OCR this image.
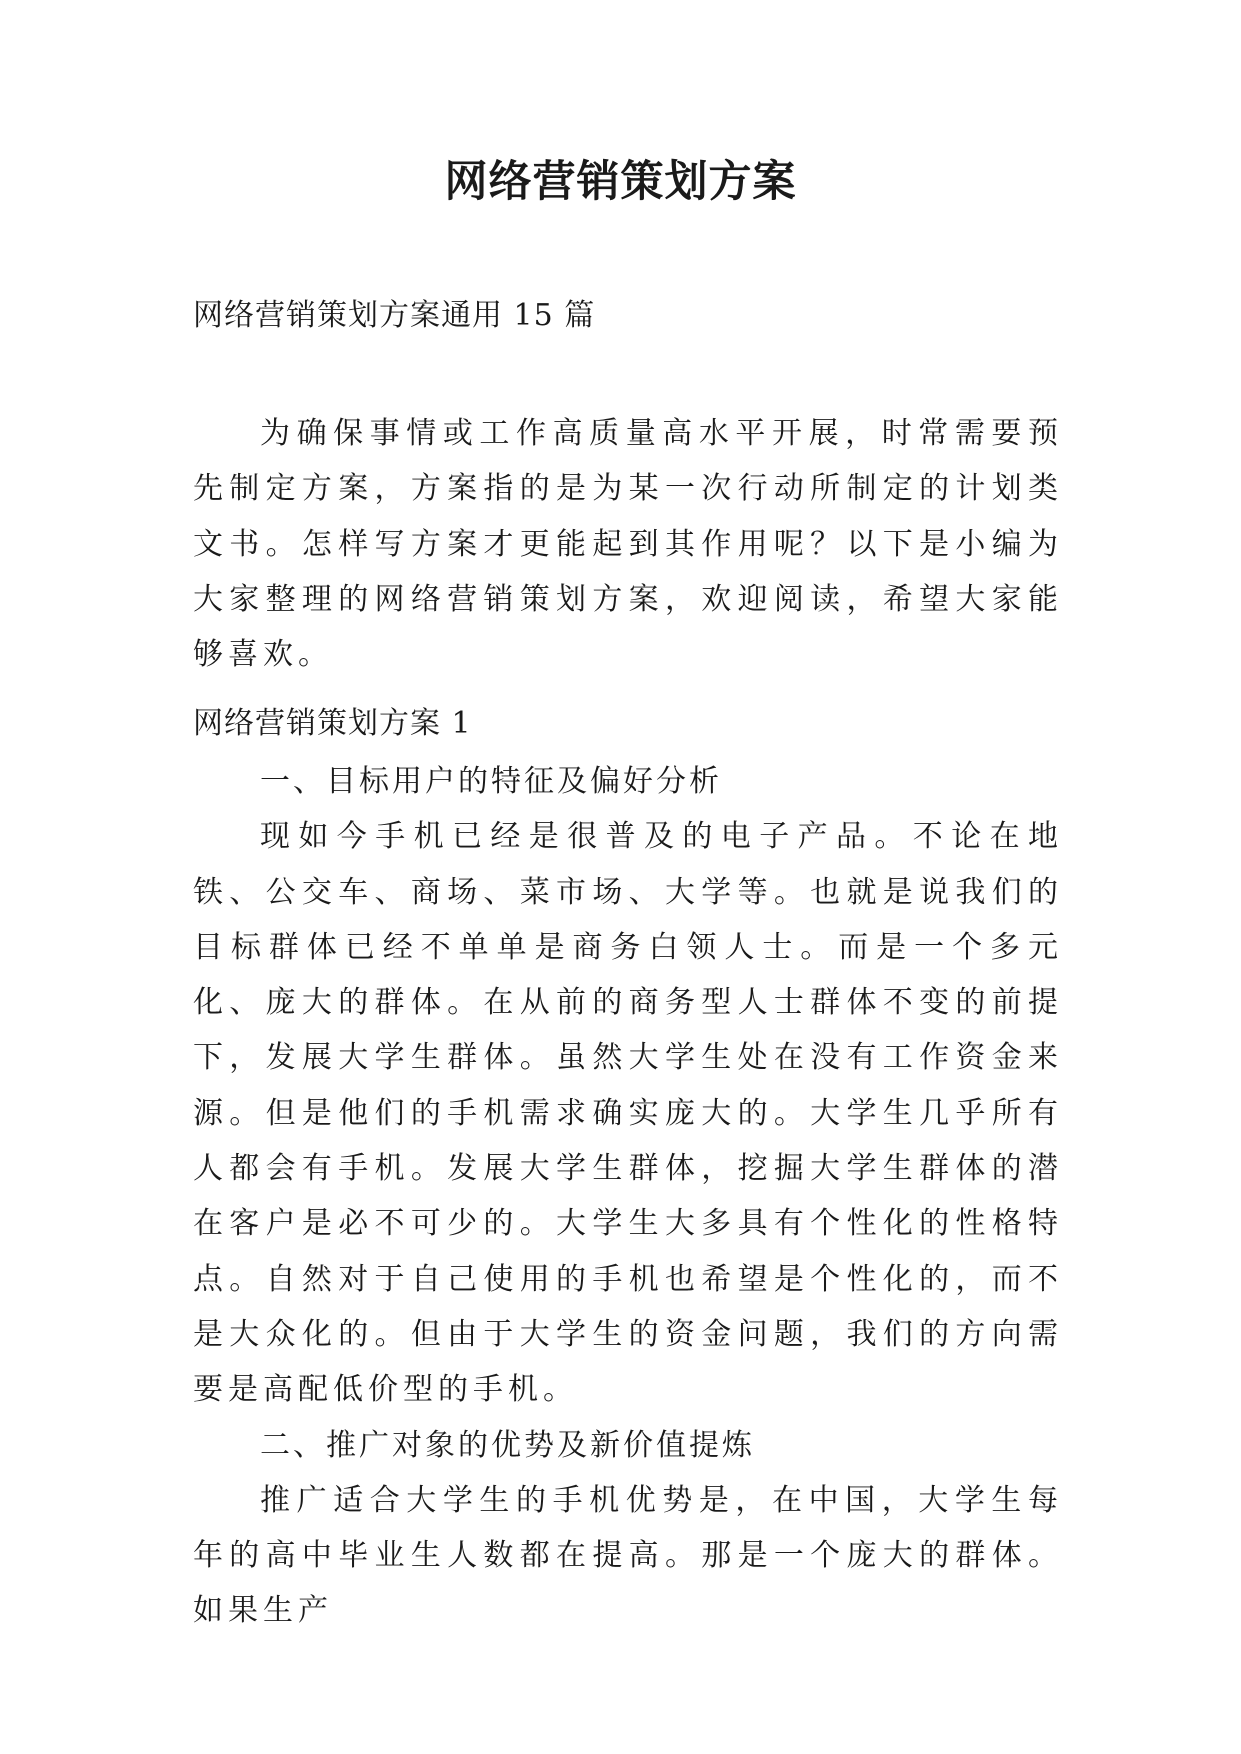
网络营销策划方案

网络营销策划方案通用 15 篇

为确保事情或工作高质量高水平开展，时常需要预先制定方案，方案指的是为某一次行动所制定的计划类文书。怎样写方案才更能起到其作用呢？以下是小编为大家整理的网络营销策划方案，欢迎阅读，希望大家能够喜欢。

网络营销策划方案 1

一、目标用户的特征及偏好分析

现如今手机已经是很普及的电子产品。不论在地铁、公交车、商场、菜市场、大学等。也就是说我们的目标群体已经不单单是商务白领人士。而是一个多元化、庞大的群体。在从前的商务型人士群体不变的前提下，发展大学生群体。虽然大学生处在没有工作资金来源。但是他们的手机需求确实庞大的。大学生几乎所有人都会有手机。发展大学生群体，挖掘大学生群体的潜在客户是必不可少的。大学生大多具有个性化的性格特点。自然对于自己使用的手机也希望是个性化的，而不是大众化的。但由于大学生的资金问题，我们的方向需要是高配低价型的手机。

二、推广对象的优势及新价值提炼

推广适合大学生的手机优势是，在中国，大学生每年的高中毕业生人数都在提高。那是一个庞大的群体。如果生产
